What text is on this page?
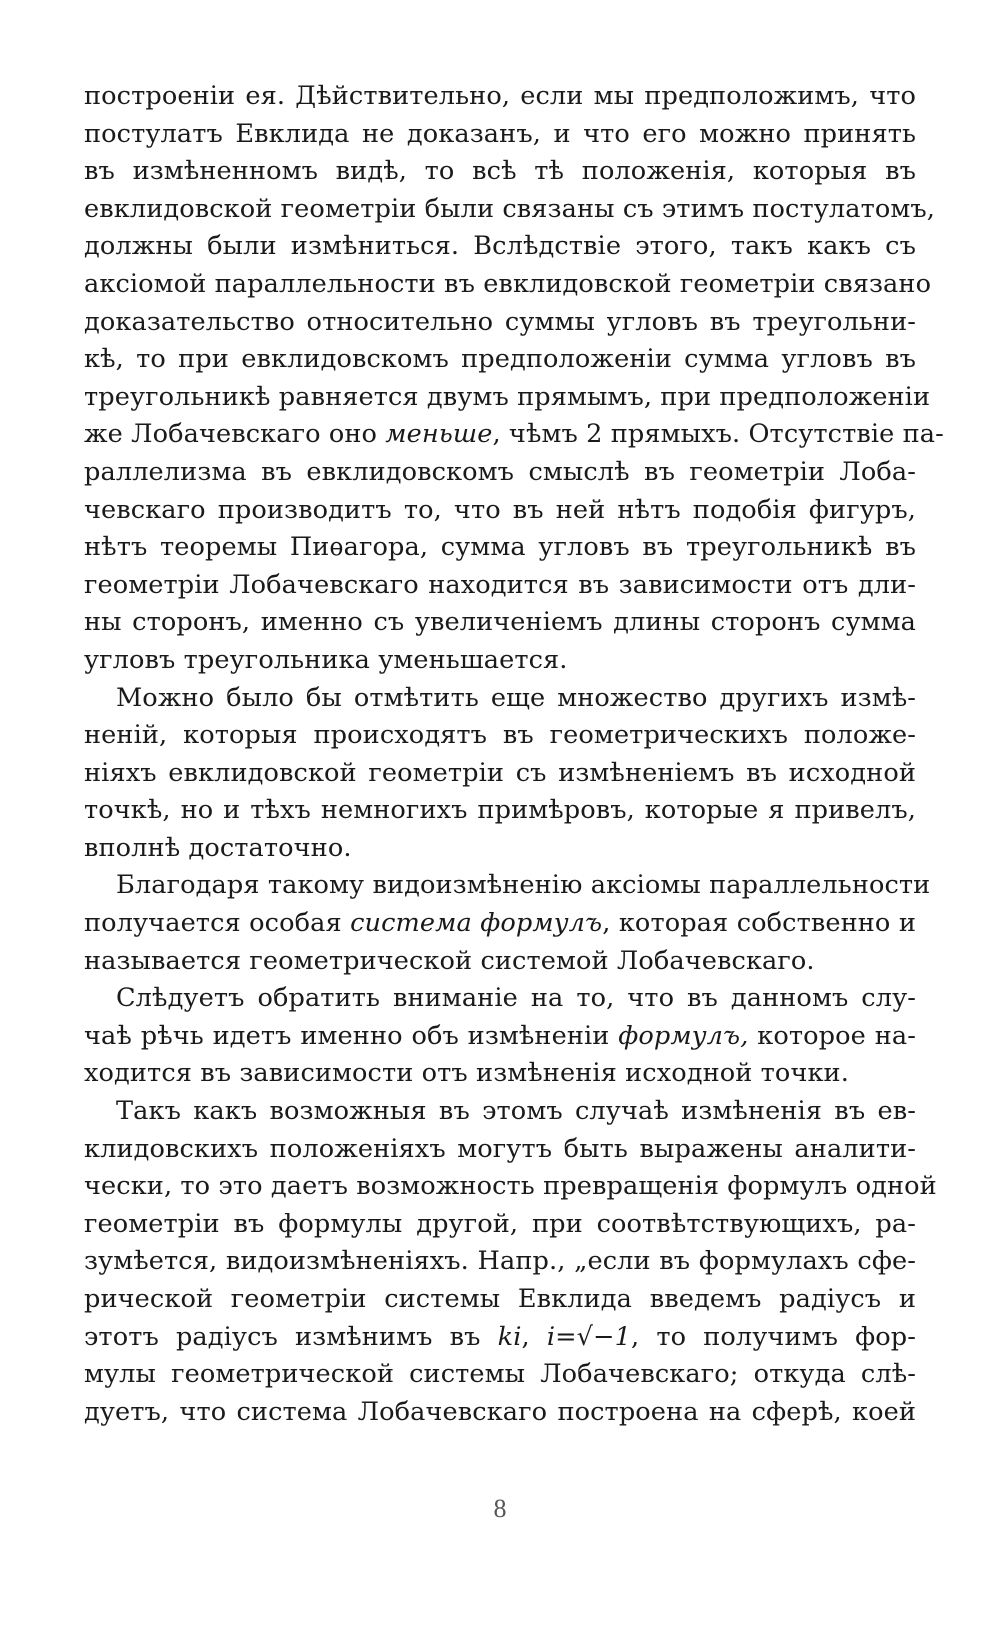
построеніи ея. Дѣйствительно, если мы предположимъ, что
постулатъ Евклида не доказанъ, и что его можно принять
въ измѣненномъ видѣ, то всѣ тѣ положенія, которыя въ
евклидовской геометріи были связаны съ этимъ постулатомъ,
должны были измѣниться. Вслѣдствіе этого, такъ какъ съ
аксіомой параллельности въ евклидовской геометріи связано
доказательство относительно суммы угловъ въ треугольни-
кѣ, то при евклидовскомъ предположеніи сумма угловъ въ
треугольникѣ равняется двумъ прямымъ, при предположеніи
же Лобачевскаго оно меньше, чѣмъ 2 прямыхъ. Отсутствіе па-
раллелизма въ евклидовскомъ смыслѣ въ геометріи Лоба-
чевскаго производитъ то, что въ ней нѣтъ подобія фигуръ,
нѣтъ теоремы Пиѳагора, сумма угловъ въ треугольникѣ въ
геометріи Лобачевскаго находится въ зависимости отъ дли-
ны сторонъ, именно съ увеличеніемъ длины сторонъ сумма
угловъ треугольника уменьшается.
Можно было бы отмѣтить еще множество другихъ измѣ-
неній, которыя происходятъ въ геометрическихъ положе-
ніяхъ евклидовской геометріи съ измѣненіемъ въ исходной
точкѣ, но и тѣхъ немногихъ примѣровъ, которые я привелъ,
вполнѣ достаточно.
Благодаря такому видоизмѣненію аксіомы параллельности
получается особая система формулъ, которая собственно и
называется геометрической системой Лобачевскаго.
Слѣдуетъ обратить вниманіе на то, что въ данномъ слу-
чаѣ рѣчь идетъ именно объ измѣненіи формулъ, которое на-
ходится въ зависимости отъ измѣненія исходной точки.
Такъ какъ возможныя въ этомъ случаѣ измѣненія въ ев-
клидовскихъ положеніяхъ могутъ быть выражены аналити-
чески, то это даетъ возможность превращенія формулъ одной
геометріи въ формулы другой, при соотвѣтствующихъ, ра-
зумѣется, видоизмѣненіяхъ. Напр., „если въ формулахъ сфе-
рической геометріи системы Евклида введемъ радіусъ и
этотъ радіусъ измѣнимъ въ ki, i=√−1, то получимъ фор-
мулы геометрической системы Лобачевскаго; откуда слѣ-
дуетъ, что система Лобачевскаго построена на сферѣ, коей
8
